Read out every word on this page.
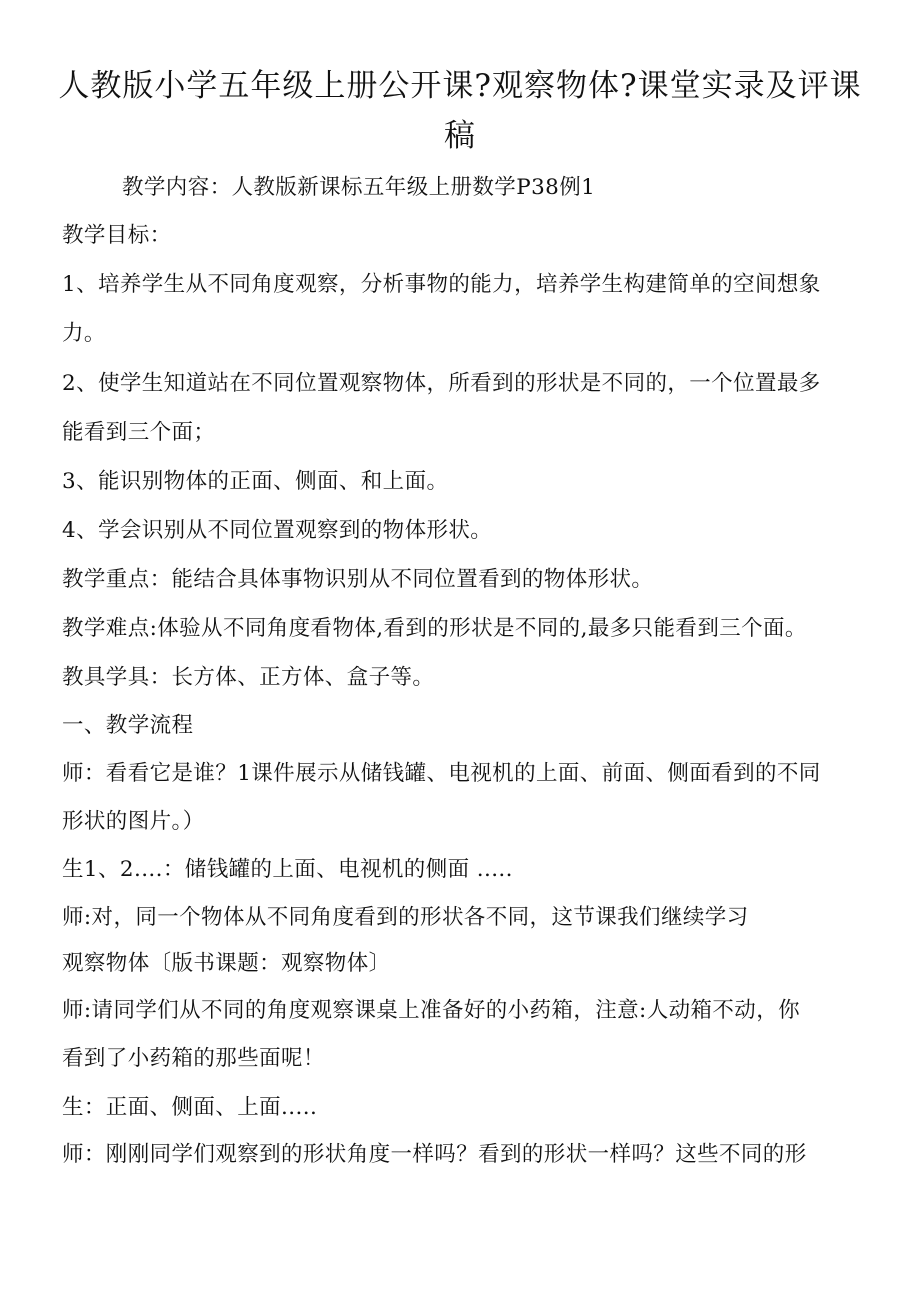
人教版小学五年级上册公开课?观察物体?课堂实录及评课
稿
教学内容：人教版新课标五年级上册数学P38例1
教学目标：
1、培养学生从不同角度观察，分析事物的能力，培养学生构建简单的空间想象
力。
2、使学生知道站在不同位置观察物体，所看到的形状是不同的，一个位置最多
能看到三个面；
3、能识别物体的正面、侧面、和上面。
4、学会识别从不同位置观察到的物体形状。
教学重点：能结合具体事物识别从不同位置看到的物体形状。
教学难点:体验从不同角度看物体,看到的形状是不同的,最多只能看到三个面。
教具学具：长方体、正方体、盒子等。
一、教学流程
师：看看它是谁？1课件展示从储钱罐、电视机的上面、前面、侧面看到的不同
形状的图片。）
生1、2....：储钱罐的上面、电视机的侧面 .....
师:对，同一个物体从不同角度看到的形状各不同，这节课我们继续学习
观察物体〔版书课题：观察物体〕
师:请同学们从不同的角度观察课桌上准备好的小药箱，注意:人动箱不动，你
看到了小药箱的那些面呢！
生：正面、侧面、上面.....
师：刚刚同学们观察到的形状角度一样吗？看到的形状一样吗？这些不同的形
